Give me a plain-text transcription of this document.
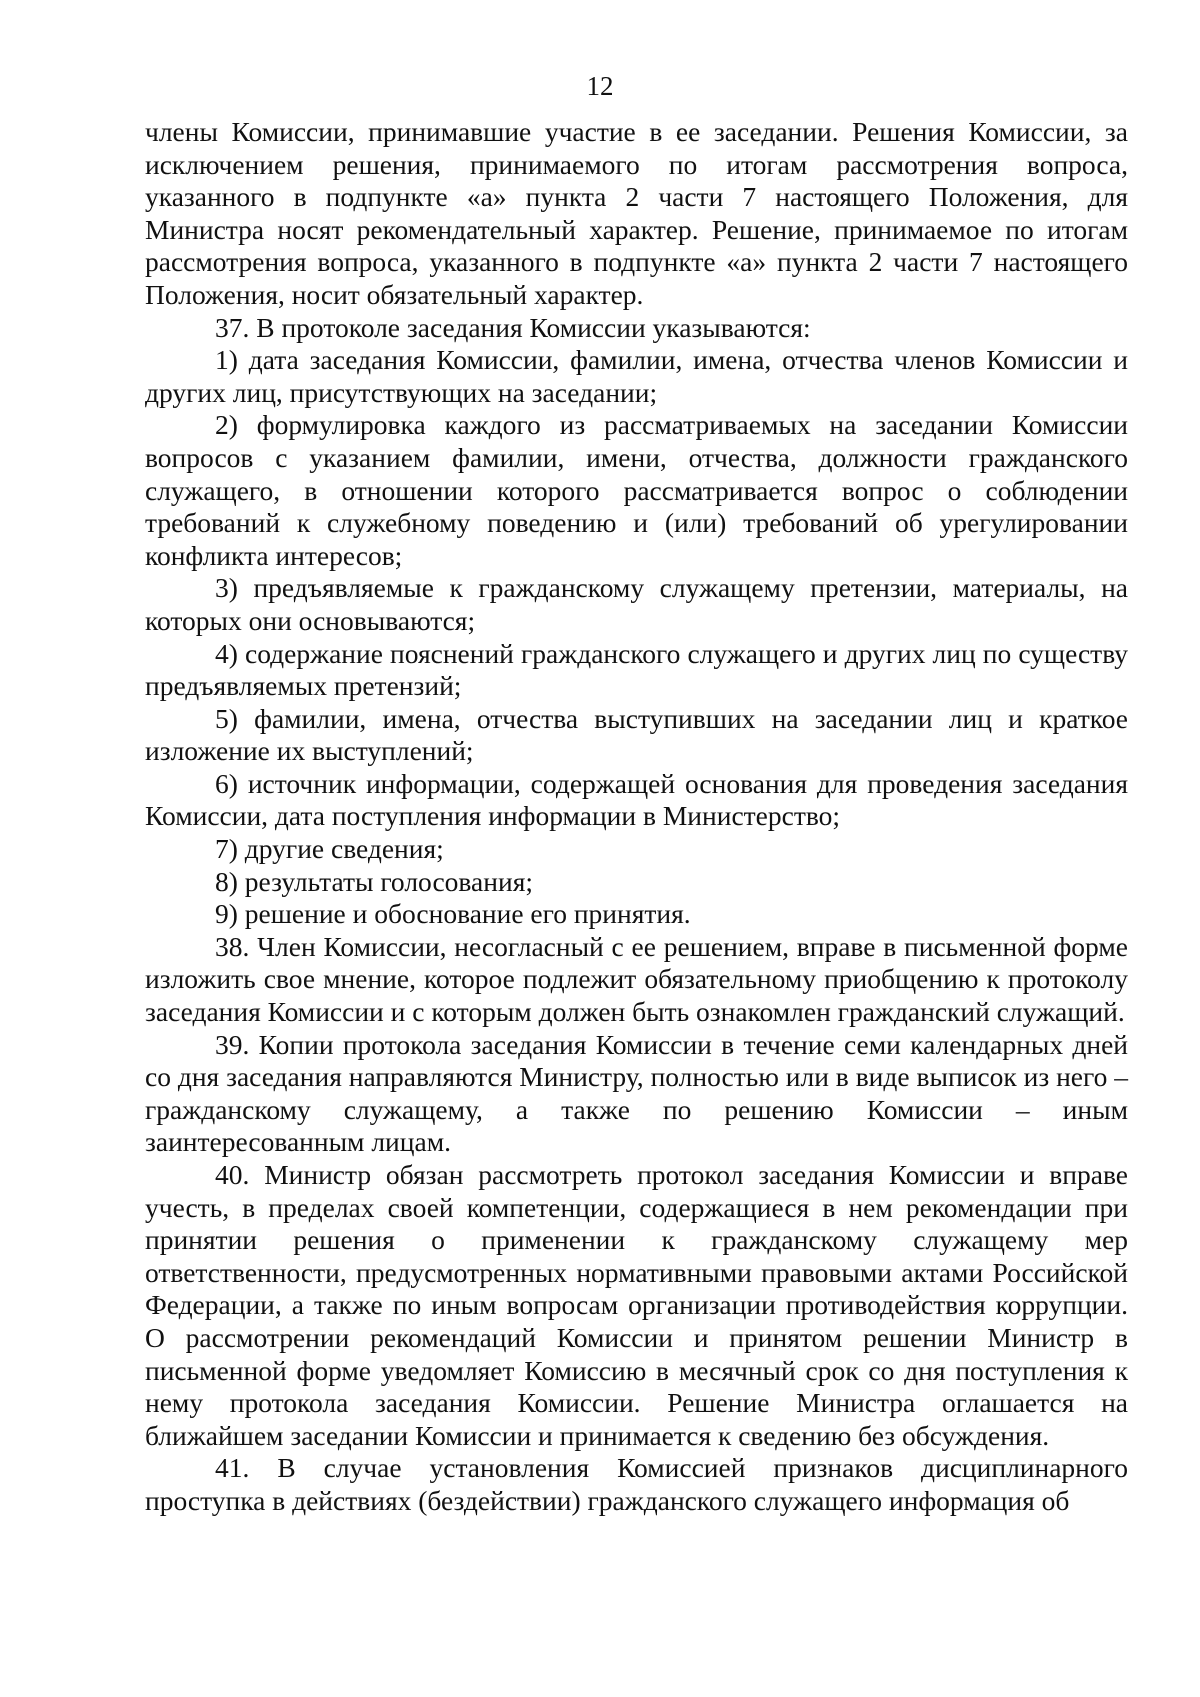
12

члены Комиссии, принимавшие участие в ее заседании. Решения Комиссии, за исключением решения, принимаемого по итогам рассмотрения вопроса, указанного в подпункте «а» пункта 2 части 7 настоящего Положения, для Министра носят рекомендательный характер. Решение, принимаемое по итогам рассмотрения вопроса, указанного в подпункте «а» пункта 2 части 7 настоящего Положения, носит обязательный характер.

37. В протоколе заседания Комиссии указываются:

1) дата заседания Комиссии, фамилии, имена, отчества членов Комиссии и других лиц, присутствующих на заседании;

2) формулировка каждого из рассматриваемых на заседании Комиссии вопросов с указанием фамилии, имени, отчества, должности гражданского служащего, в отношении которого рассматривается вопрос о соблюдении требований к служебному поведению и (или) требований об урегулировании конфликта интересов;

3) предъявляемые к гражданскому служащему претензии, материалы, на которых они основываются;

4) содержание пояснений гражданского служащего и других лиц по существу предъявляемых претензий;

5) фамилии, имена, отчества выступивших на заседании лиц и краткое изложение их выступлений;

6) источник информации, содержащей основания для проведения заседания Комиссии, дата поступления информации в Министерство;

7) другие сведения;

8) результаты голосования;

9) решение и обоснование его принятия.

38. Член Комиссии, несогласный с ее решением, вправе в письменной форме изложить свое мнение, которое подлежит обязательному приобщению к протоколу заседания Комиссии и с которым должен быть ознакомлен гражданский служащий.

39. Копии протокола заседания Комиссии в течение семи календарных дней со дня заседания направляются Министру, полностью или в виде выписок из него – гражданскому служащему, а также по решению Комиссии – иным заинтересованным лицам.

40. Министр обязан рассмотреть протокол заседания Комиссии и вправе учесть, в пределах своей компетенции, содержащиеся в нем рекомендации при принятии решения о применении к гражданскому служащему мер ответственности, предусмотренных нормативными правовыми актами Российской Федерации, а также по иным вопросам организации противодействия коррупции. О рассмотрении рекомендаций Комиссии и принятом решении Министр в письменной форме уведомляет Комиссию в месячный срок со дня поступления к нему протокола заседания Комиссии. Решение Министра оглашается на ближайшем заседании Комиссии и принимается к сведению без обсуждения.

41. В случае установления Комиссией признаков дисциплинарного проступка в действиях (бездействии) гражданского служащего информация об
